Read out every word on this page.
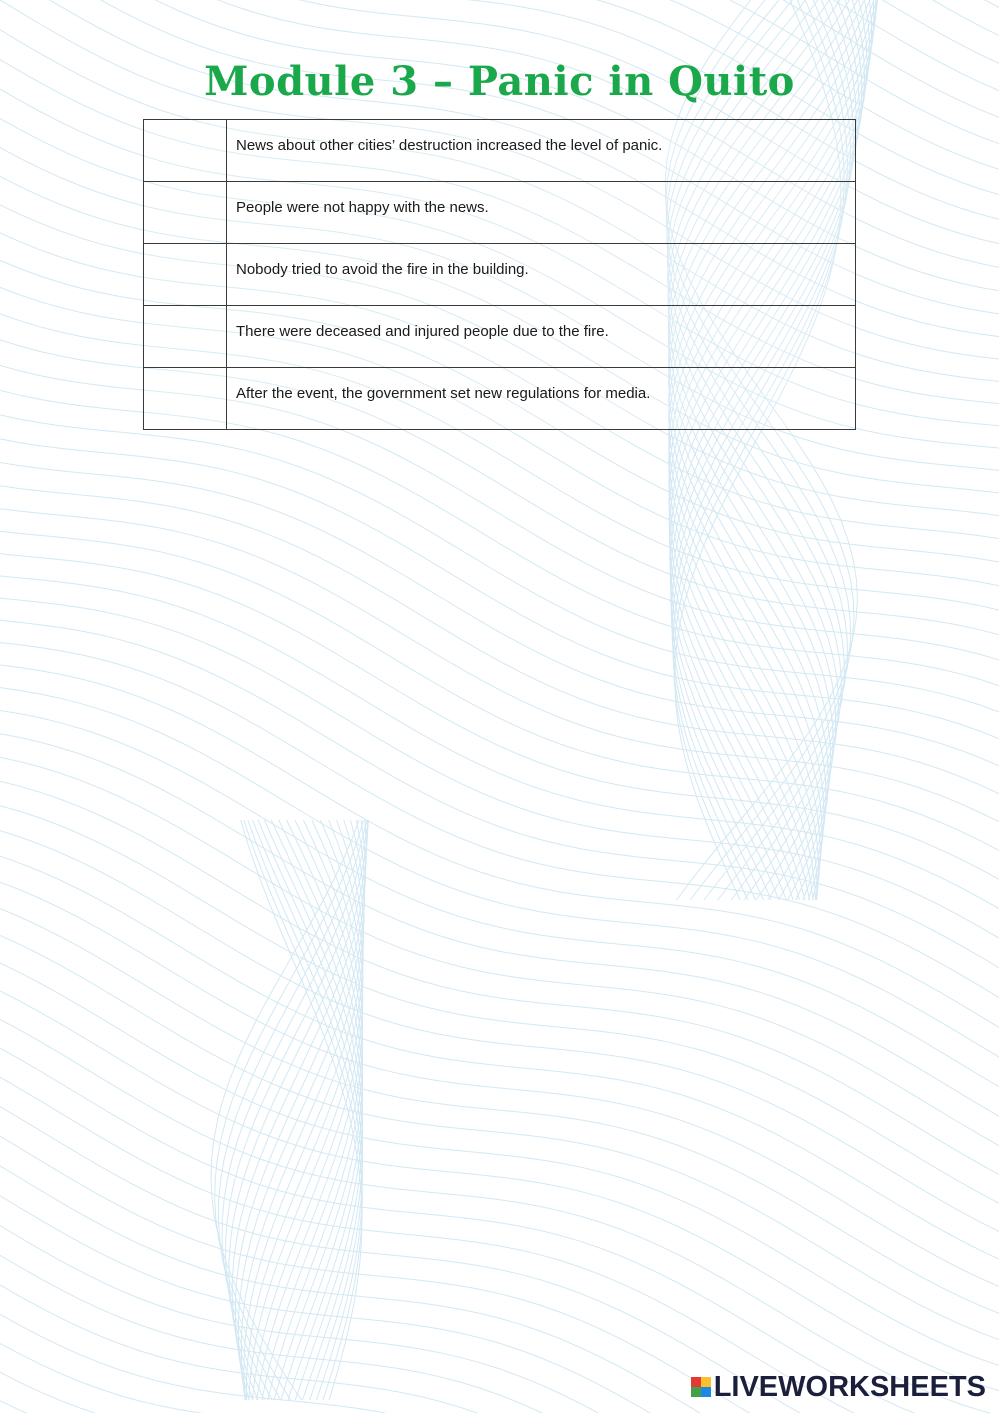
Module 3 – Panic in Quito
	News about other cities’ destruction increased the level of panic.
	People were not happy with the news.
	Nobody tried to avoid the fire in the building.
	There were deceased and injured people due to the fire.
	After the event, the government set new regulations for media.
LIVEWORKSHEETS
